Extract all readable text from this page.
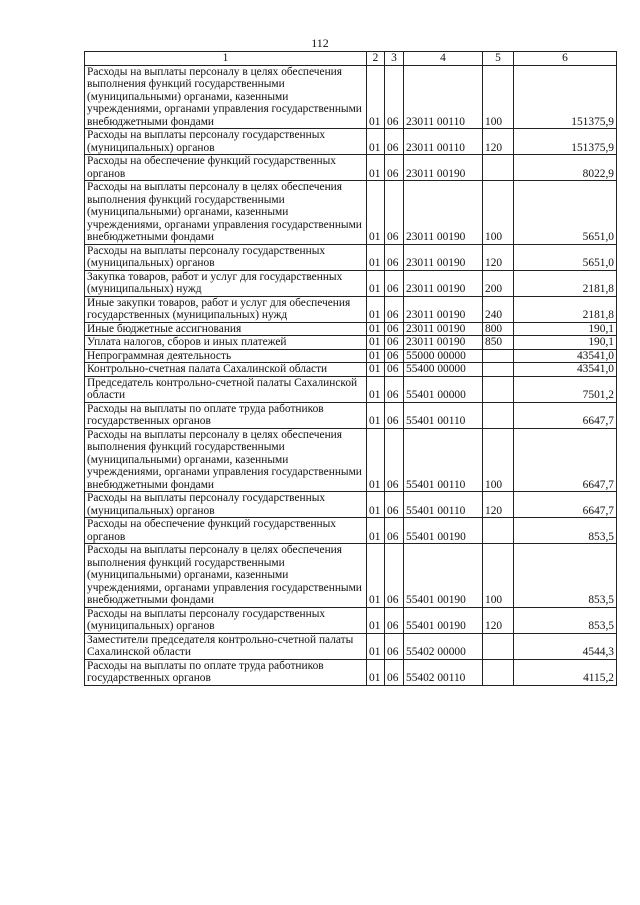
112
1	2	3	4	5	6
Расходы на выплаты персоналу в целях обеспечения выполнения функций государственными (муниципальными) органами, казенными учреждениями, органами управления государственными внебюджетными фондами	01	06	23011 00110	100	151375,9
Расходы на выплаты персоналу государственных (муниципальных) органов	01	06	23011 00110	120	151375,9
Расходы на обеспечение функций государственных органов	01	06	23011 00190		8022,9
Расходы на выплаты персоналу в целях обеспечения выполнения функций государственными (муниципальными) органами, казенными учреждениями, органами управления государственными внебюджетными фондами	01	06	23011 00190	100	5651,0
Расходы на выплаты персоналу государственных (муниципальных) органов	01	06	23011 00190	120	5651,0
Закупка товаров, работ и услуг для государственных (муниципальных) нужд	01	06	23011 00190	200	2181,8
Иные закупки товаров, работ и услуг для обеспечения государственных (муниципальных) нужд	01	06	23011 00190	240	2181,8
Иные бюджетные ассигнования	01	06	23011 00190	800	190,1
Уплата налогов, сборов и иных платежей	01	06	23011 00190	850	190,1
Непрограммная деятельность	01	06	55000 00000		43541,0
Контрольно-счетная палата Сахалинской области	01	06	55400 00000		43541,0
Председатель контрольно-счетной палаты Сахалинской области	01	06	55401 00000		7501,2
Расходы на выплаты по оплате труда работников государственных органов	01	06	55401 00110		6647,7
Расходы на выплаты персоналу в целях обеспечения выполнения функций государственными (муниципальными) органами, казенными учреждениями, органами управления государственными внебюджетными фондами	01	06	55401 00110	100	6647,7
Расходы на выплаты персоналу государственных (муниципальных) органов	01	06	55401 00110	120	6647,7
Расходы на обеспечение функций государственных органов	01	06	55401 00190		853,5
Расходы на выплаты персоналу в целях обеспечения выполнения функций государственными (муниципальными) органами, казенными учреждениями, органами управления государственными внебюджетными фондами	01	06	55401 00190	100	853,5
Расходы на выплаты персоналу государственных (муниципальных) органов	01	06	55401 00190	120	853,5
Заместители председателя контрольно-счетной палаты Сахалинской области	01	06	55402 00000		4544,3
Расходы на выплаты по оплате труда работников государственных органов	01	06	55402 00110		4115,2
